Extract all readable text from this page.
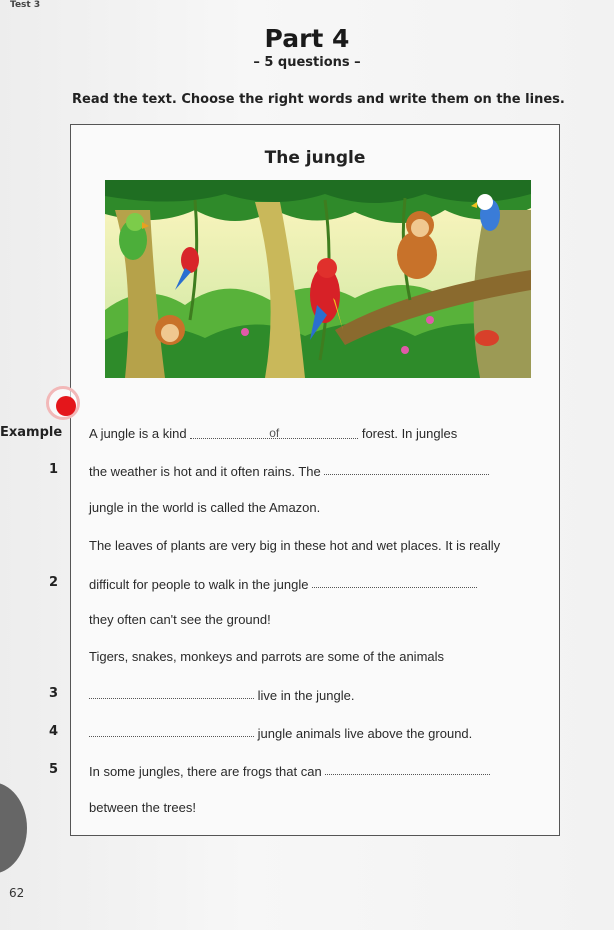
Test 3
Part 4
– 5 questions –
Read the text. Choose the right words and write them on the lines.
The jungle
Example A jungle is a kind	of	forest. In jungles
1 the weather is hot and it often rains. The
jungle in the world is called the Amazon.
The leaves of plants are very big in these hot and wet places. It is really
2 difficult for people to walk in the jungle
they often can't see the ground!
Tigers, snakes, monkeys and parrots are some of the animals
3	live in the jungle.
4	jungle animals live above the ground.
5 In some jungles, there are frogs that can
between the trees!
62
